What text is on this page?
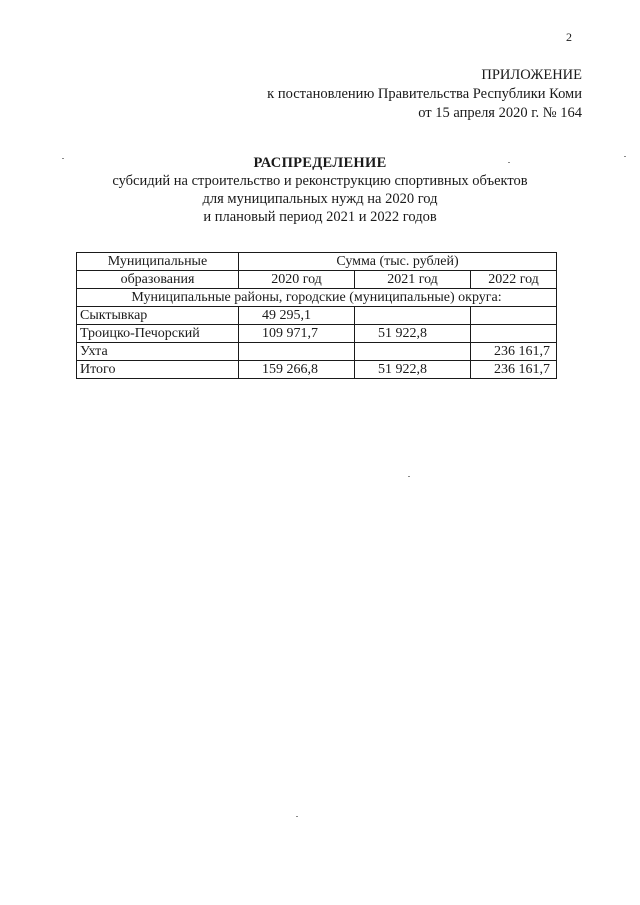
2
ПРИЛОЖЕНИЕ
к постановлению Правительства Республики Коми
от 15 апреля 2020 г. № 164
РАСПРЕДЕЛЕНИЕ
субсидий на строительство и реконструкцию спортивных объектов
для муниципальных нужд на 2020 год
и плановый период 2021 и 2022 годов
Муниципальные	Сумма (тыс. рублей)		
образования	2020 год	2021 год	2022 год
Муниципальные районы, городские (муниципальные) округа:			
Сыктывкар	49 295,1		
Троицко-Печорский	109 971,7	51 922,8	
Ухта			236 161,7
Итого	159 266,8	51 922,8	236 161,7
